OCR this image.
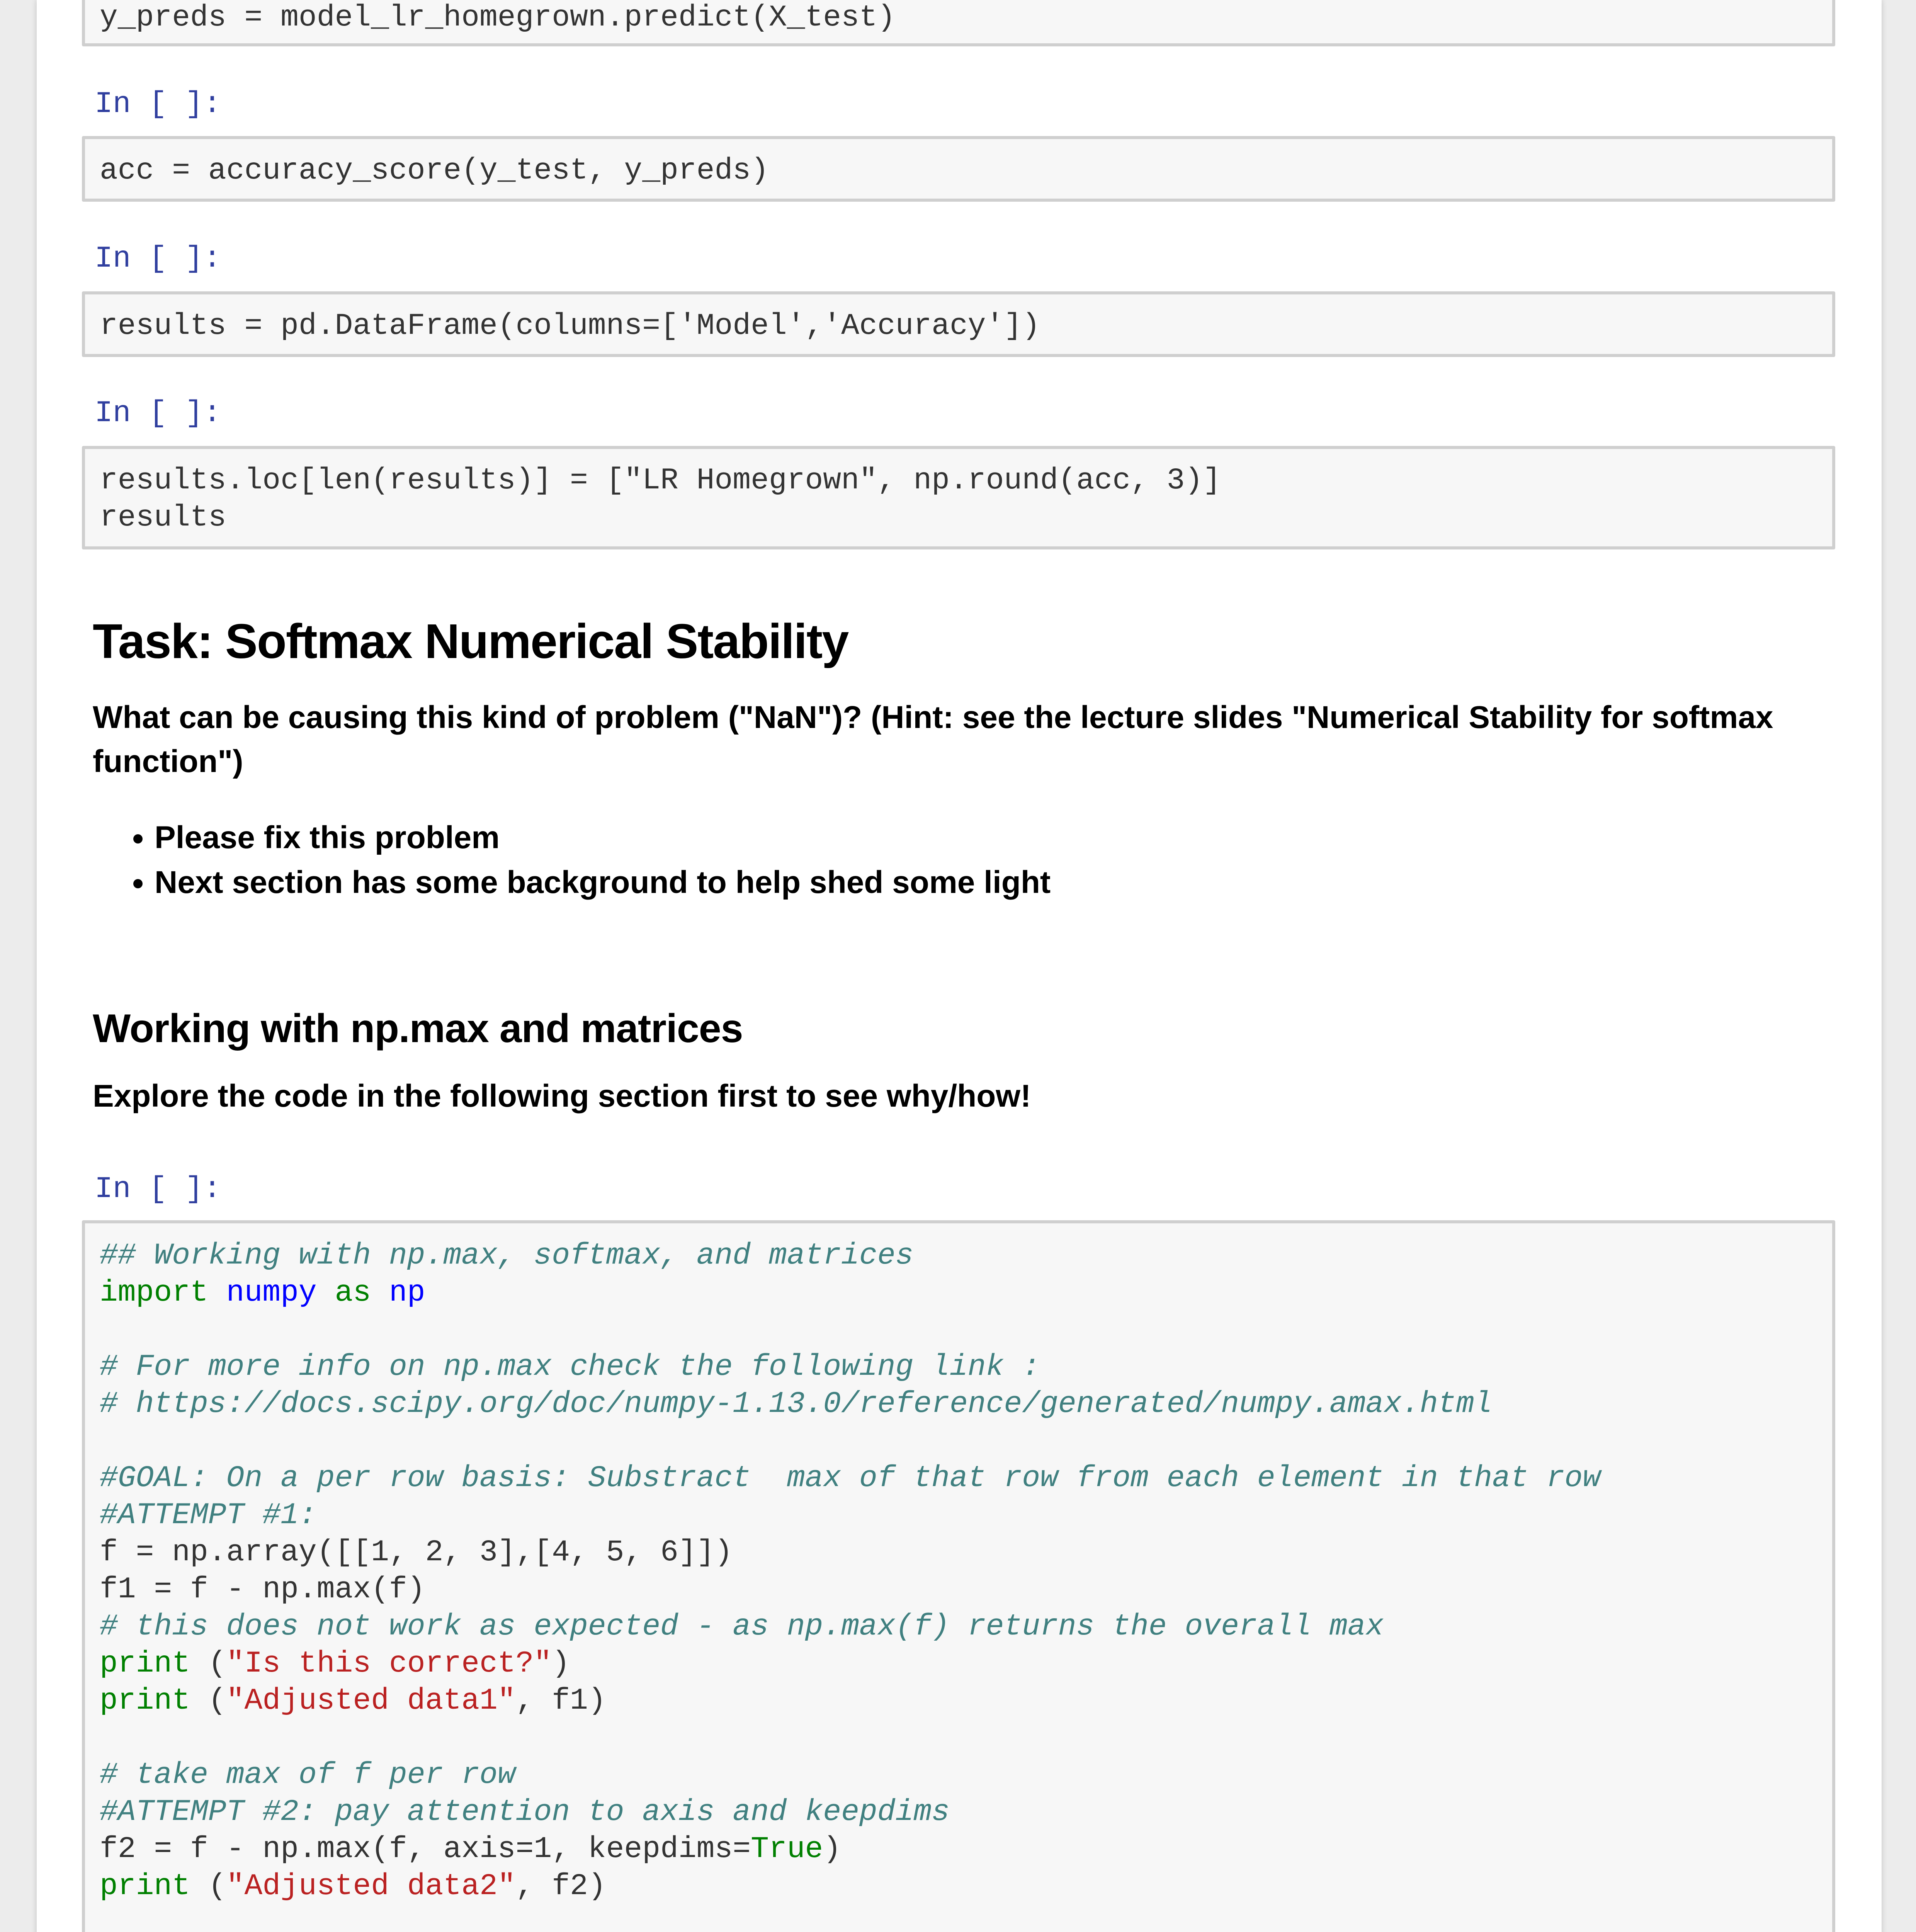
y_preds = model_lr_homegrown.predict(X_test)
In [ ]:
acc = accuracy_score(y_test, y_preds)
In [ ]:
results = pd.DataFrame(columns=['Model','Accuracy'])
In [ ]:
results.loc[len(results)] = ["LR Homegrown", np.round(acc, 3)]
results
Task: Softmax Numerical Stability

What can be causing this kind of problem ("NaN")? (Hint: see the lecture slides "Numerical Stability for softmax function")

• Please fix this problem
• Next section has some background to help shed some light
Working with np.max and matrices

Explore the code in the following section first to see why/how!

In [ ]:
## Working with np.max, softmax, and matrices
import numpy as np

# For more info on np.max check the following link :
# https://docs.scipy.org/doc/numpy-1.13.0/reference/generated/numpy.amax.html

#GOAL: On a per row basis: Substract  max of that row from each element in that row
#ATTEMPT #1:
f = np.array([[1, 2, 3],[4, 5, 6]])
f1 = f - np.max(f)
# this does not work as expected - as np.max(f) returns the overall max
print ("Is this correct?")
print ("Adjusted data1", f1)

# take max of f per row
#ATTEMPT #2: pay attention to axis and keepdims
f2 = f - np.max(f, axis=1, keepdims=True)
print ("Adjusted data2", f2)
